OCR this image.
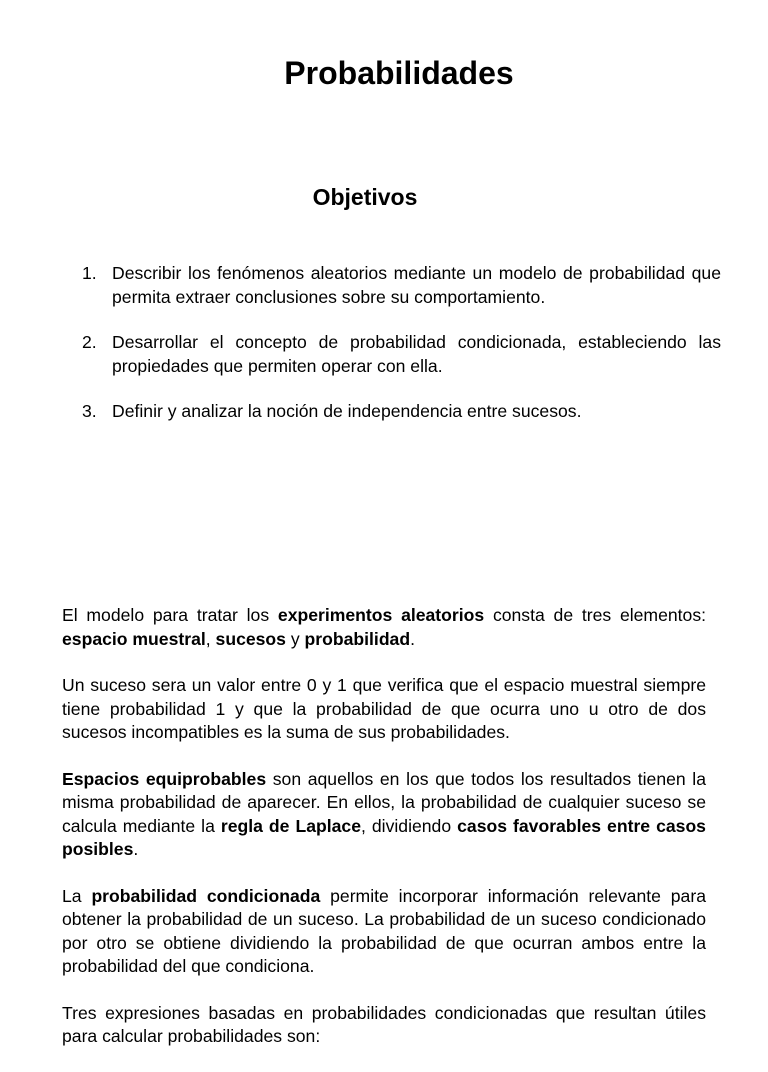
Probabilidades
Objetivos
1. Describir los fenómenos aleatorios mediante un modelo de probabilidad que permita extraer conclusiones sobre su comportamiento.
2. Desarrollar el concepto de probabilidad condicionada, estableciendo las propiedades que permiten operar con ella.
3. Definir y analizar la noción de independencia entre sucesos.

El modelo para tratar los experimentos aleatorios consta de tres elementos: espacio muestral, sucesos y probabilidad.

Un suceso sera un valor entre 0 y 1 que verifica que el espacio muestral siempre tiene probabilidad 1 y que la probabilidad de que ocurra uno u otro de dos sucesos incompatibles es la suma de sus probabilidades.

Espacios equiprobables son aquellos en los que todos los resultados tienen la misma probabilidad de aparecer. En ellos, la probabilidad de cualquier suceso se calcula mediante la regla de Laplace, dividiendo casos favorables entre casos posibles.

La probabilidad condicionada permite incorporar información relevante para obtener la probabilidad de un suceso. La probabilidad de un suceso condicionado por otro se obtiene dividiendo la probabilidad de que ocurran ambos entre la probabilidad del que condiciona.

Tres expresiones basadas en probabilidades condicionadas que resultan útiles para calcular probabilidades son:
